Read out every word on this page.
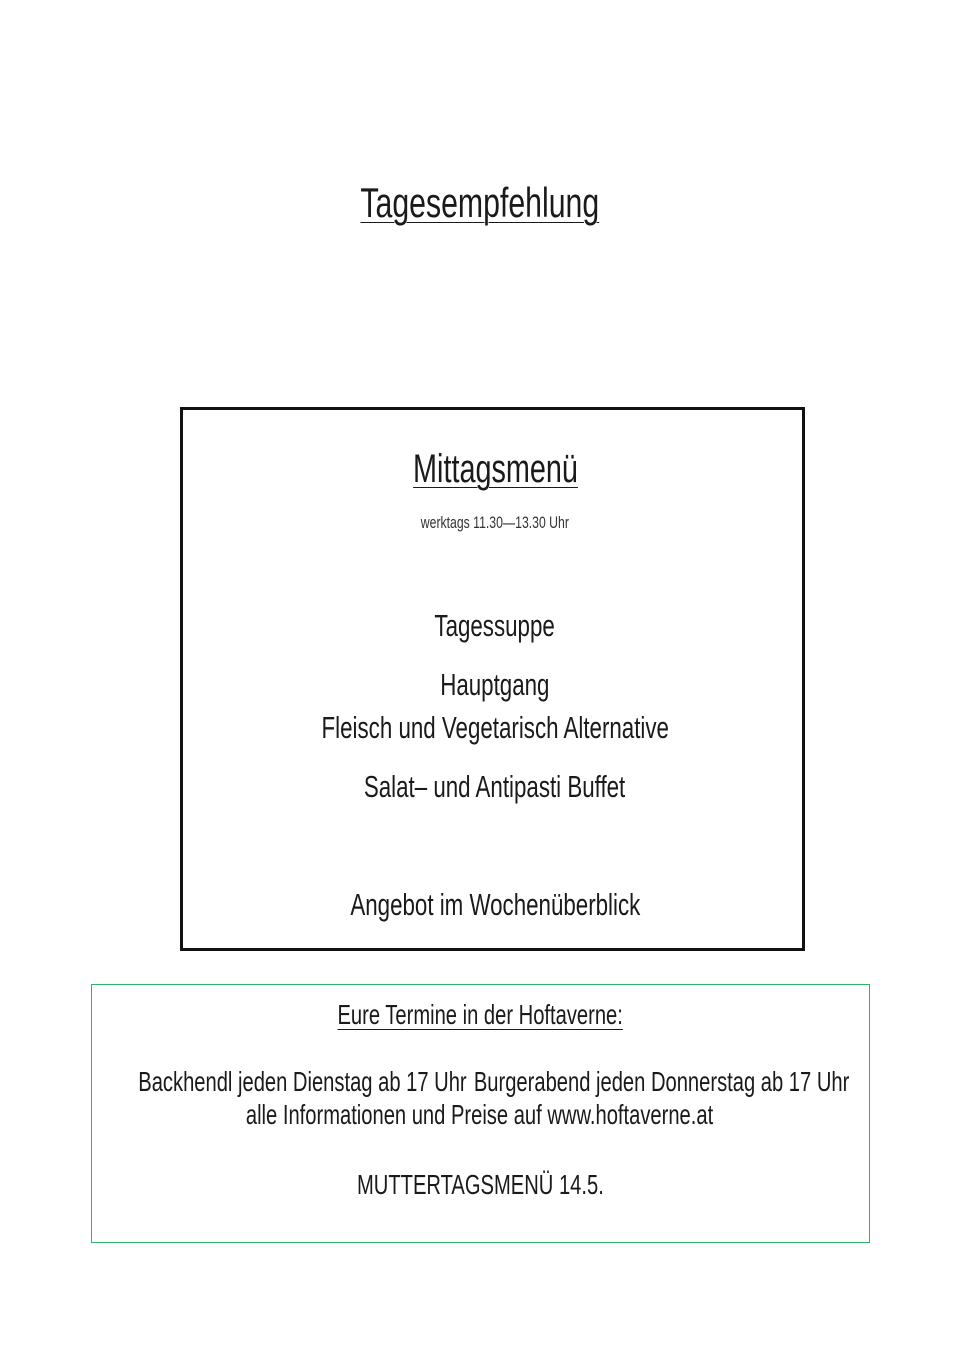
Tagesempfehlung
Mittagsmenü
werktags 11.30—13.30 Uhr
Tagessuppe
Hauptgang
Fleisch und Vegetarisch Alternative
Salat– und Antipasti Buffet
Angebot im Wochenüberblick
Eure Termine in der Hoftaverne:
Backhendl jeden Dienstag ab 17 Uhr Burgerabend jeden Donnerstag ab 17 Uhr
alle Informationen und Preise auf www.hoftaverne.at
MUTTERTAGSMENÜ 14.5.
